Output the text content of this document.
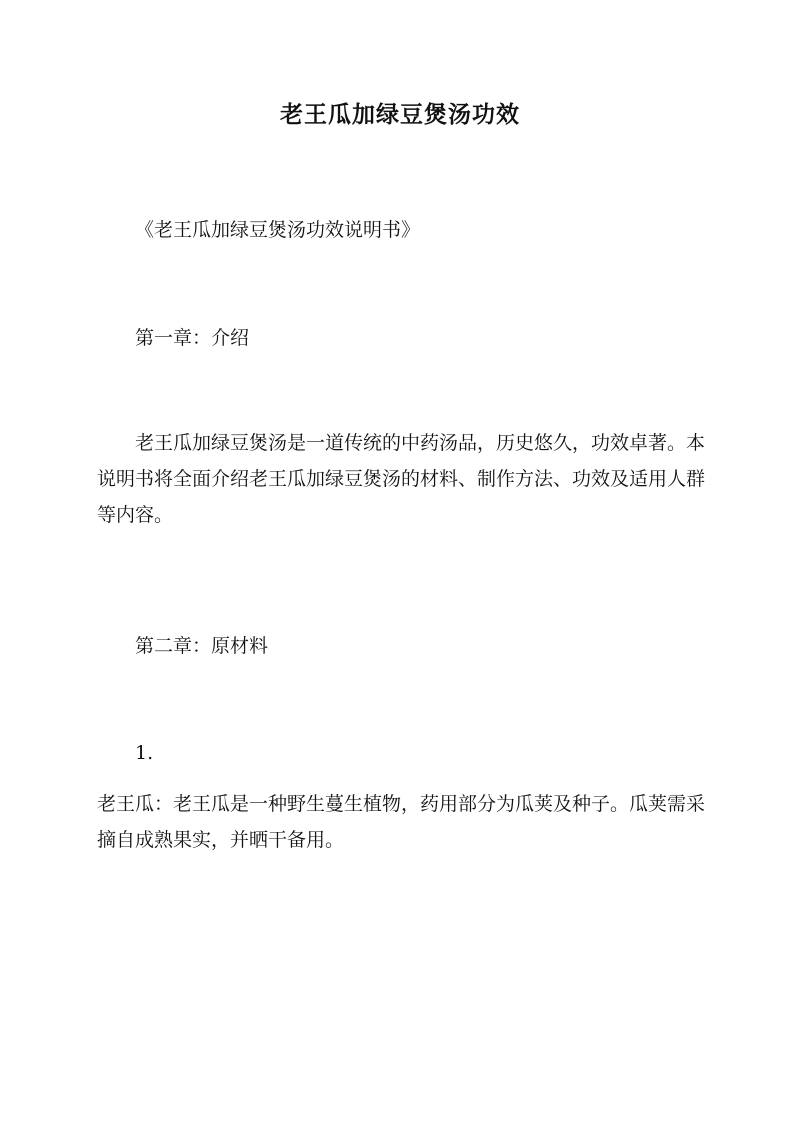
老王瓜加绿豆煲汤功效

《老王瓜加绿豆煲汤功效说明书》

第一章：介绍

老王瓜加绿豆煲汤是一道传统的中药汤品，历史悠久，功效卓著。本说明书将全面介绍老王瓜加绿豆煲汤的材料、制作方法、功效及适用人群等内容。

第二章：原材料

1.

老王瓜：老王瓜是一种野生蔓生植物，药用部分为瓜荚及种子。瓜荚需采摘自成熟果实，并晒干备用。
